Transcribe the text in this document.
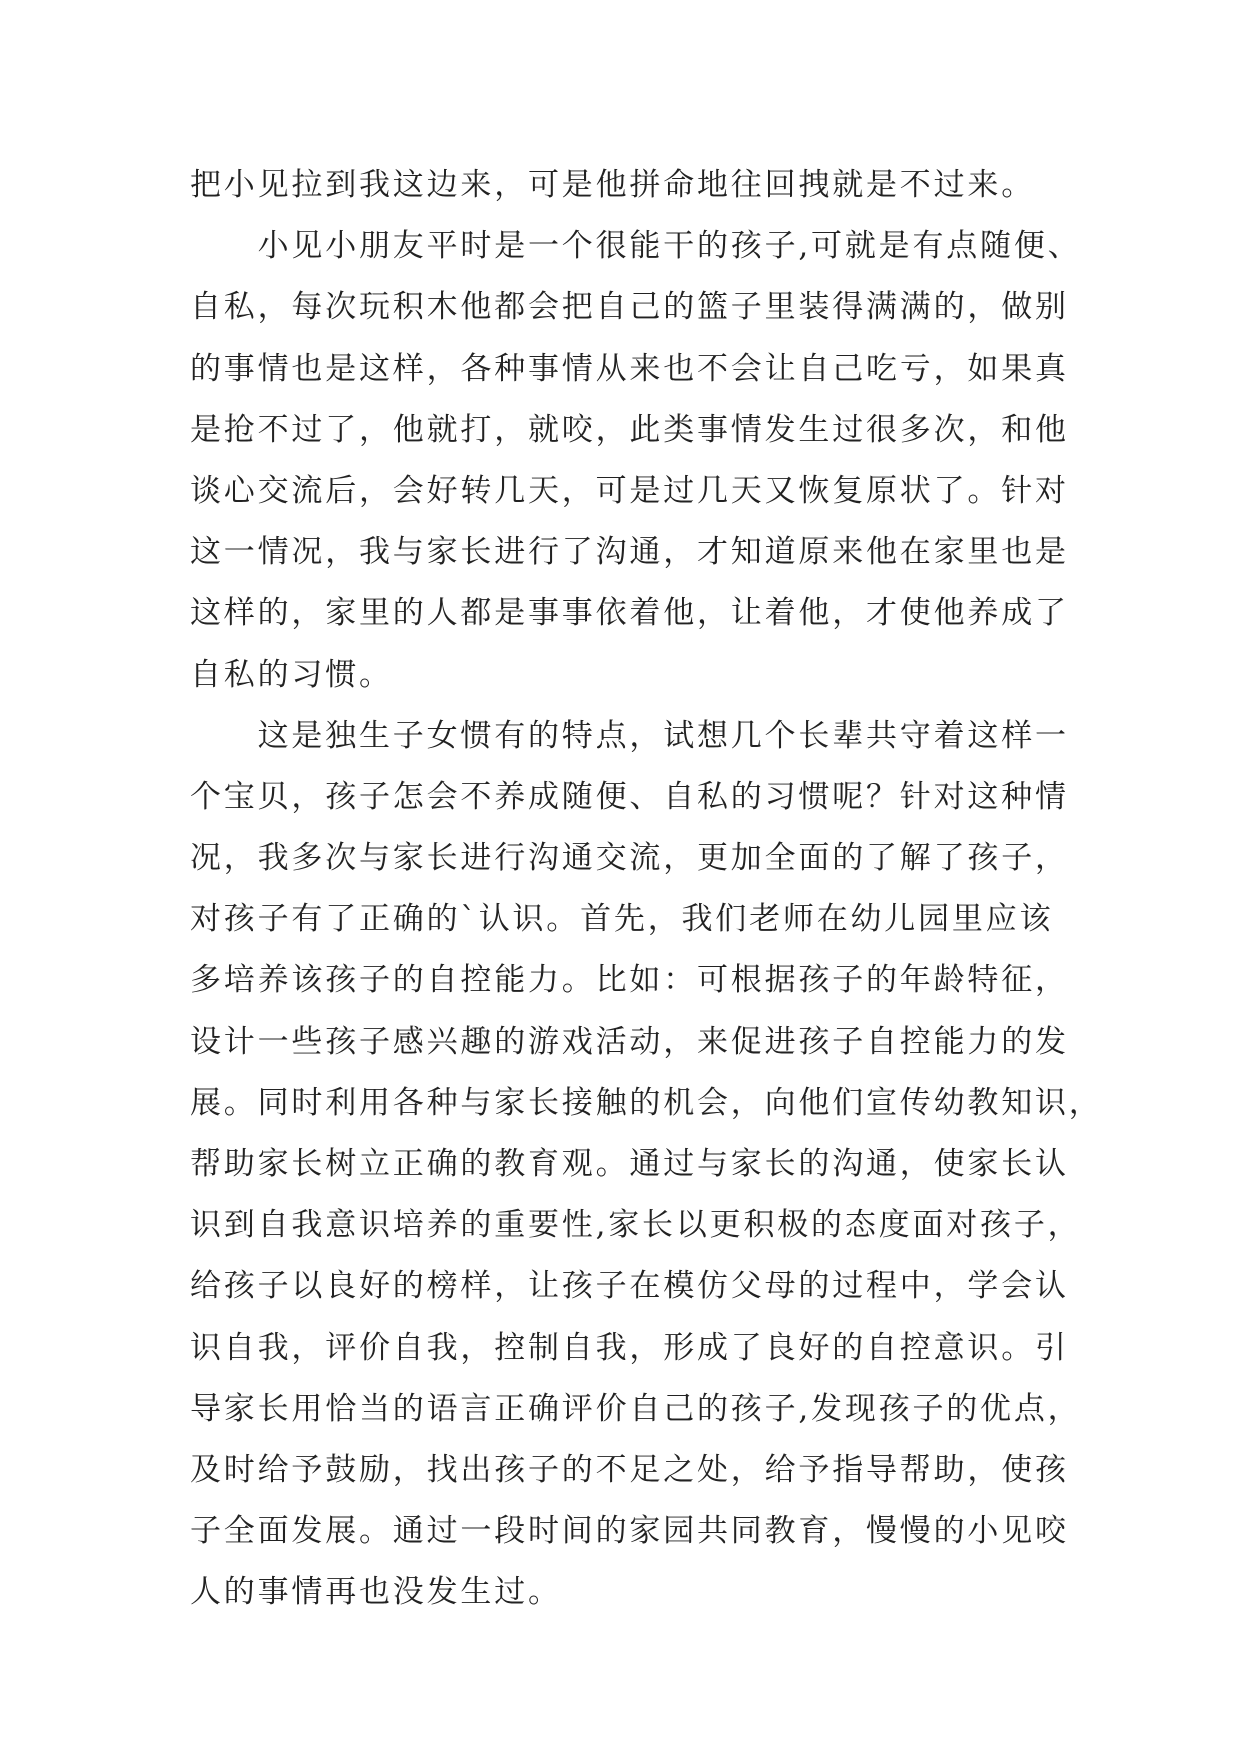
把小见拉到我这边来，可是他拼命地往回拽就是不过来。
　　小见小朋友平时是一个很能干的孩子,可就是有点随便、
自私，每次玩积木他都会把自己的篮子里装得满满的，做别
的事情也是这样，各种事情从来也不会让自己吃亏，如果真
是抢不过了，他就打，就咬，此类事情发生过很多次，和他
谈心交流后，会好转几天，可是过几天又恢复原状了。针对
这一情况，我与家长进行了沟通，才知道原来他在家里也是
这样的，家里的人都是事事依着他，让着他，才使他养成了
自私的习惯。
　　这是独生子女惯有的特点，试想几个长辈共守着这样一
个宝贝，孩子怎会不养成随便、自私的习惯呢？针对这种情
况，我多次与家长进行沟通交流，更加全面的了解了孩子，
对孩子有了正确的`认识。首先，我们老师在幼儿园里应该
多培养该孩子的自控能力。比如：可根据孩子的年龄特征，
设计一些孩子感兴趣的游戏活动，来促进孩子自控能力的发
展。同时利用各种与家长接触的机会，向他们宣传幼教知识，
帮助家长树立正确的教育观。通过与家长的沟通，使家长认
识到自我意识培养的重要性,家长以更积极的态度面对孩子，
给孩子以良好的榜样，让孩子在模仿父母的过程中，学会认
识自我，评价自我，控制自我，形成了良好的自控意识。引
导家长用恰当的语言正确评价自己的孩子,发现孩子的优点，
及时给予鼓励，找出孩子的不足之处，给予指导帮助，使孩
子全面发展。通过一段时间的家园共同教育，慢慢的小见咬
人的事情再也没发生过。
